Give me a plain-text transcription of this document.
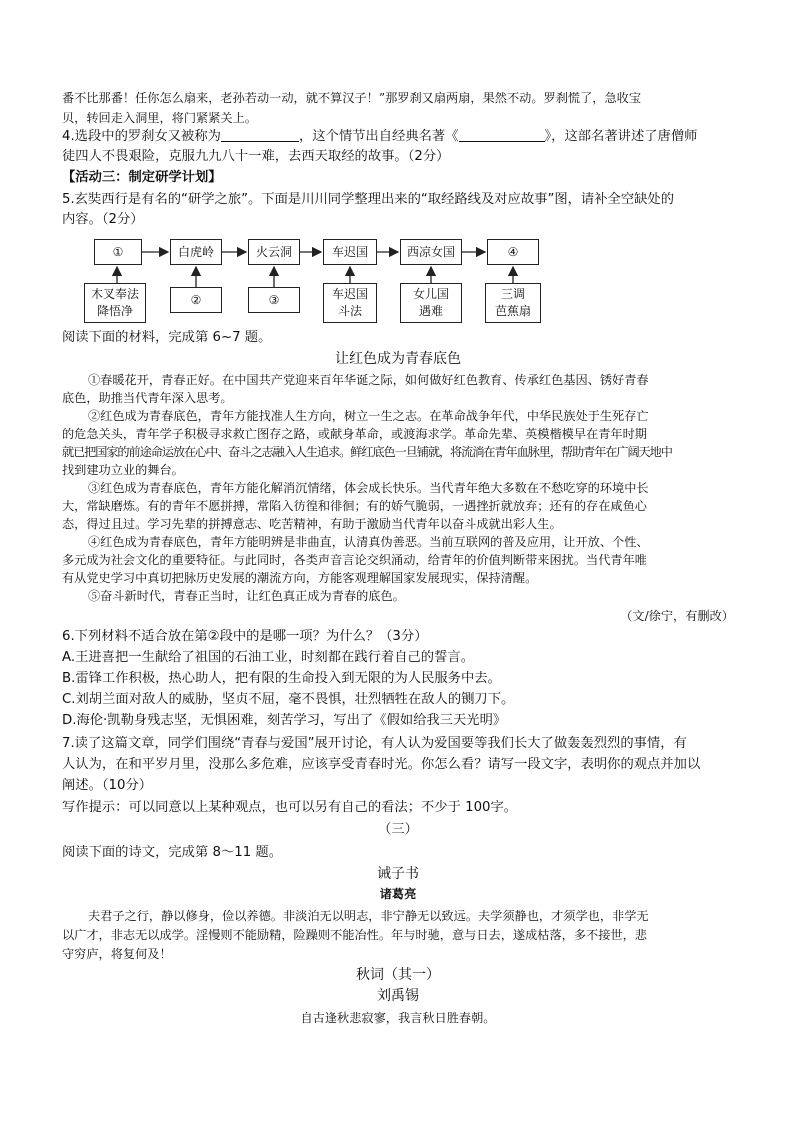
番不比那番！任你怎么扇来，老孙若动一动，就不算汉子！”那罗刹又扇两扇，果然不动。罗刹慌了，急收宝
贝，转回走入洞里，将门紧紧关上。
4.选段中的罗刹女又被称为	，这个情节出自经典名著《	》，这部名著讲述了唐僧师
徒四人不畏艰险，克服九九八十一难，去西天取经的故事。（2分）
【活动三：制定研学计划】
5.玄奘西行是有名的“研学之旅”。下面是川川同学整理出来的“取经路线及对应故事”图，请补全空缺处的
内容。（2分）
①	白虎岭	火云洞	车迟国	西凉女国	④
木叉奉法
降悟净
②	③	车迟国
斗法
女儿国
遇难
三调
芭蕉扇
阅读下面的材料，完成第 6~7 题。
让红色成为青春底色
①春暖花开，青春正好。在中国共产党迎来百年华诞之际，如何做好红色教育、传承红色基因、锈好青春
底色，助推当代青年深入思考。
②红色成为青春底色，青年方能找准人生方向，树立一生之志。在革命战争年代，中华民族处于生死存亡
的危急关头，青年学子积极寻求救亡图存之路，或献身革命，或渡海求学。革命先辈、英模楷模早在青年时期
就已把国家的前途命运放在心中、奋斗之志融入人生追求。鲜红底色一旦铺就，将流淌在青年血脉里，帮助青年在广阔天地中
找到建功立业的舞台。
③红色成为青春底色，青年方能化解消沉情绪，体会成长快乐。当代青年绝大多数在不愁吃穿的环境中长
大，常缺磨炼。有的青年不愿拼搏，常陷入彷徨和徘徊；有的娇气脆弱，一遇挫折就放弃；还有的存在咸鱼心
态，得过且过。学习先辈的拼搏意志、吃苦精神，有助于激励当代青年以奋斗成就出彩人生。
④红色成为青春底色，青年方能明辨是非曲直，认清真伪善恶。当前互联网的普及应用，让开放、个性、
多元成为社会文化的重要特征。与此同时，各类声音言论交织涌动，给青年的价值判断带来困扰。当代青年唯
有从党史学习中真切把脉历史发展的潮流方向，方能客观理解国家发展现实，保持清醒。
⑤奋斗新时代，青春正当时，让红色真正成为青春的底色。
（文/徐宁，有删改）
6.下列材料不适合放在第②段中的是哪一项？为什么？（3分）
A.王进喜把一生献给了祖国的石油工业，时刻都在践行着自己的誓言。
B.雷锋工作积极，热心助人，把有限的生命投入到无限的为人民服务中去。
C.刘胡兰面对敌人的威胁，坚贞不屈，毫不畏惧，壮烈牺牲在敌人的铡刀下。
D.海伦·凯勒身残志坚，无惧困难，刻苦学习，写出了《假如给我三天光明》
7.读了这篇文章，同学们围绕“青春与爱国”展开讨论，有人认为爱国要等我们长大了做轰轰烈烈的事情，有
人认为，在和平岁月里，没那么多危难，应该享受青春时光。你怎么看？请写一段文字，表明你的观点并加以
阐述。（10分）
写作提示：可以同意以上某种观点，也可以另有自己的看法；不少于 100字。
（三）
阅读下面的诗文，完成第 8～11 题。
诫子书
诸葛亮
夫君子之行，静以修身，俭以养德。非淡泊无以明志，非宁静无以致远。夫学须静也，才须学也，非学无
以广才，非志无以成学。淫慢则不能励精，险躁则不能冶性。年与时驰，意与日去，遂成枯落，多不接世，悲
守穷庐，将复何及！
秋词（其一）
刘禹锡
自古逢秋悲寂寥，我言秋日胜春朝。
